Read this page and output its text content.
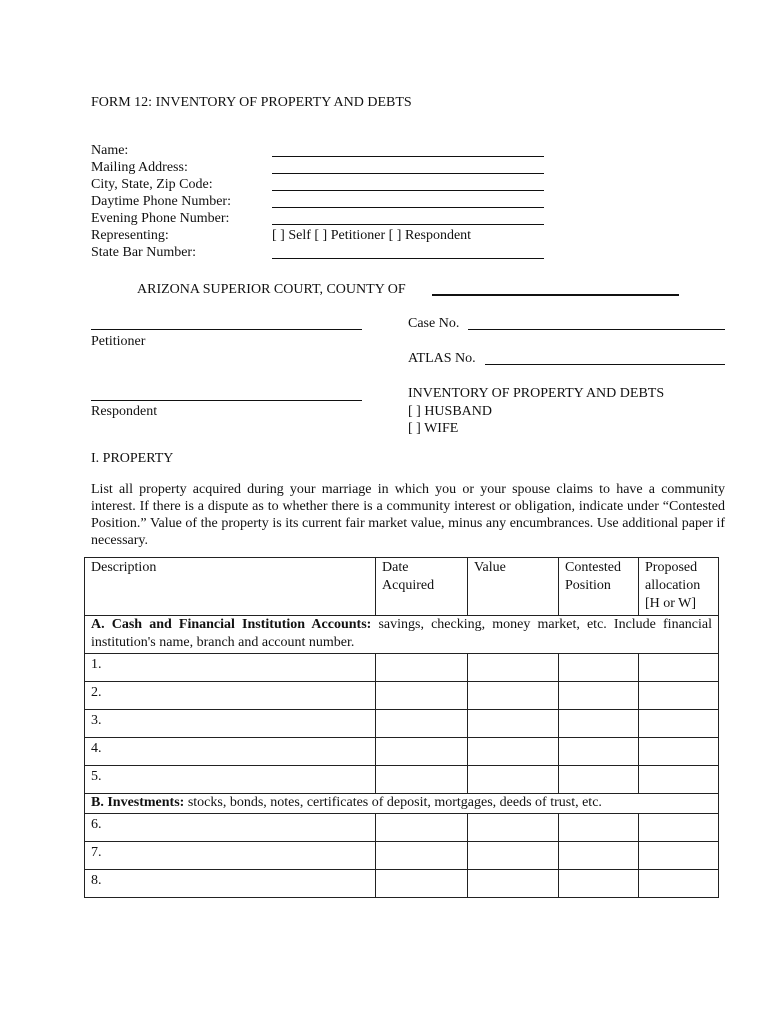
FORM 12: INVENTORY OF PROPERTY AND DEBTS
Name:
Mailing Address:
City, State, Zip Code:
Daytime Phone Number:
Evening Phone Number:
Representing:	[ ] Self [ ] Petitioner [ ] Respondent
State Bar Number:
ARIZONA SUPERIOR COURT, COUNTY OF
Petitioner
Respondent
Case No.
ATLAS No.
INVENTORY OF PROPERTY AND DEBTS
[ ] HUSBAND
[ ] WIFE
I. PROPERTY
List all property acquired during your marriage in which you or your spouse claims to have a community interest. If there is a dispute as to whether there is a community interest or obligation, indicate under “Contested Position.” Value of the property is its current fair market value, minus any encumbrances. Use additional paper if necessary.
Description	Date Acquired	Value	Contested Position	Proposed allocation [H or W]

A. Cash and Financial Institution Accounts: savings, checking, money market, etc. Include financial institution's name, branch and account number.				

1.				
2.				
3.				
4.				
5.				
B. Investments: stocks, bonds, notes, certificates of deposit, mortgages, deeds of trust, etc.				
6.				
7.				
8.				
